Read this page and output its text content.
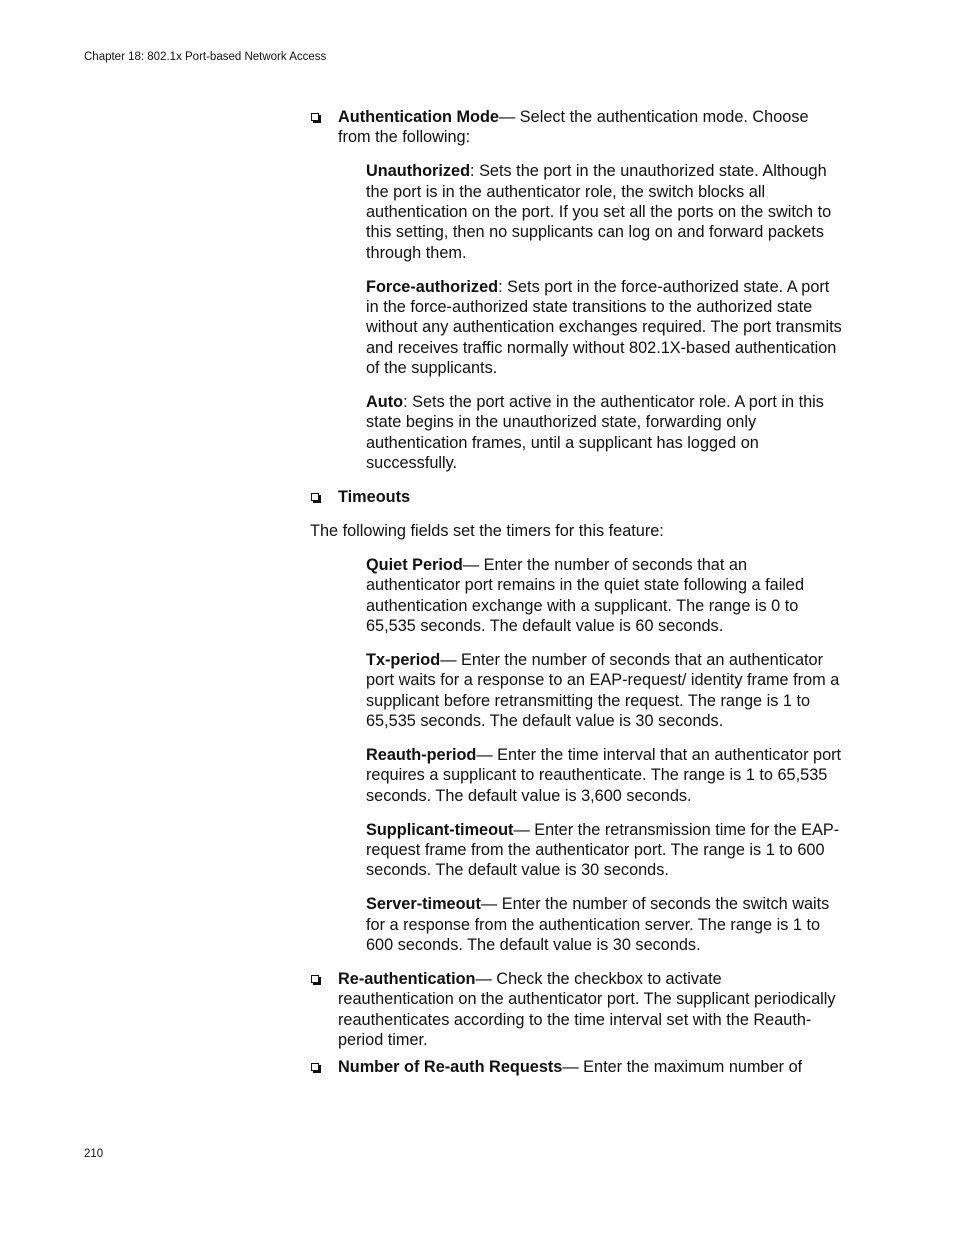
Chapter 18: 802.1x Port-based Network Access

Authentication Mode— Select the authentication mode. Choose from the following:

Unauthorized: Sets the port in the unauthorized state. Although the port is in the authenticator role, the switch blocks all authentication on the port. If you set all the ports on the switch to this setting, then no supplicants can log on and forward packets through them.

Force-authorized: Sets port in the force-authorized state. A port in the force-authorized state transitions to the authorized state without any authentication exchanges required. The port transmits and receives traffic normally without 802.1X-based authentication of the supplicants.

Auto: Sets the port active in the authenticator role. A port in this state begins in the unauthorized state, forwarding only authentication frames, until a supplicant has logged on successfully.

Timeouts

The following fields set the timers for this feature:

Quiet Period— Enter the number of seconds that an authenticator port remains in the quiet state following a failed authentication exchange with a supplicant. The range is 0 to 65,535 seconds. The default value is 60 seconds.

Tx-period— Enter the number of seconds that an authenticator port waits for a response to an EAP-request/ identity frame from a supplicant before retransmitting the request. The range is 1 to 65,535 seconds. The default value is 30 seconds.

Reauth-period— Enter the time interval that an authenticator port requires a supplicant to reauthenticate. The range is 1 to 65,535 seconds. The default value is 3,600 seconds.

Supplicant-timeout— Enter the retransmission time for the EAP-request frame from the authenticator port. The range is 1 to 600 seconds. The default value is 30 seconds.

Server-timeout— Enter the number of seconds the switch waits for a response from the authentication server. The range is 1 to 600 seconds. The default value is 30 seconds.

Re-authentication— Check the checkbox to activate reauthentication on the authenticator port. The supplicant periodically reauthenticates according to the time interval set with the Reauth-period timer.

Number of Re-auth Requests— Enter the maximum number of

210
